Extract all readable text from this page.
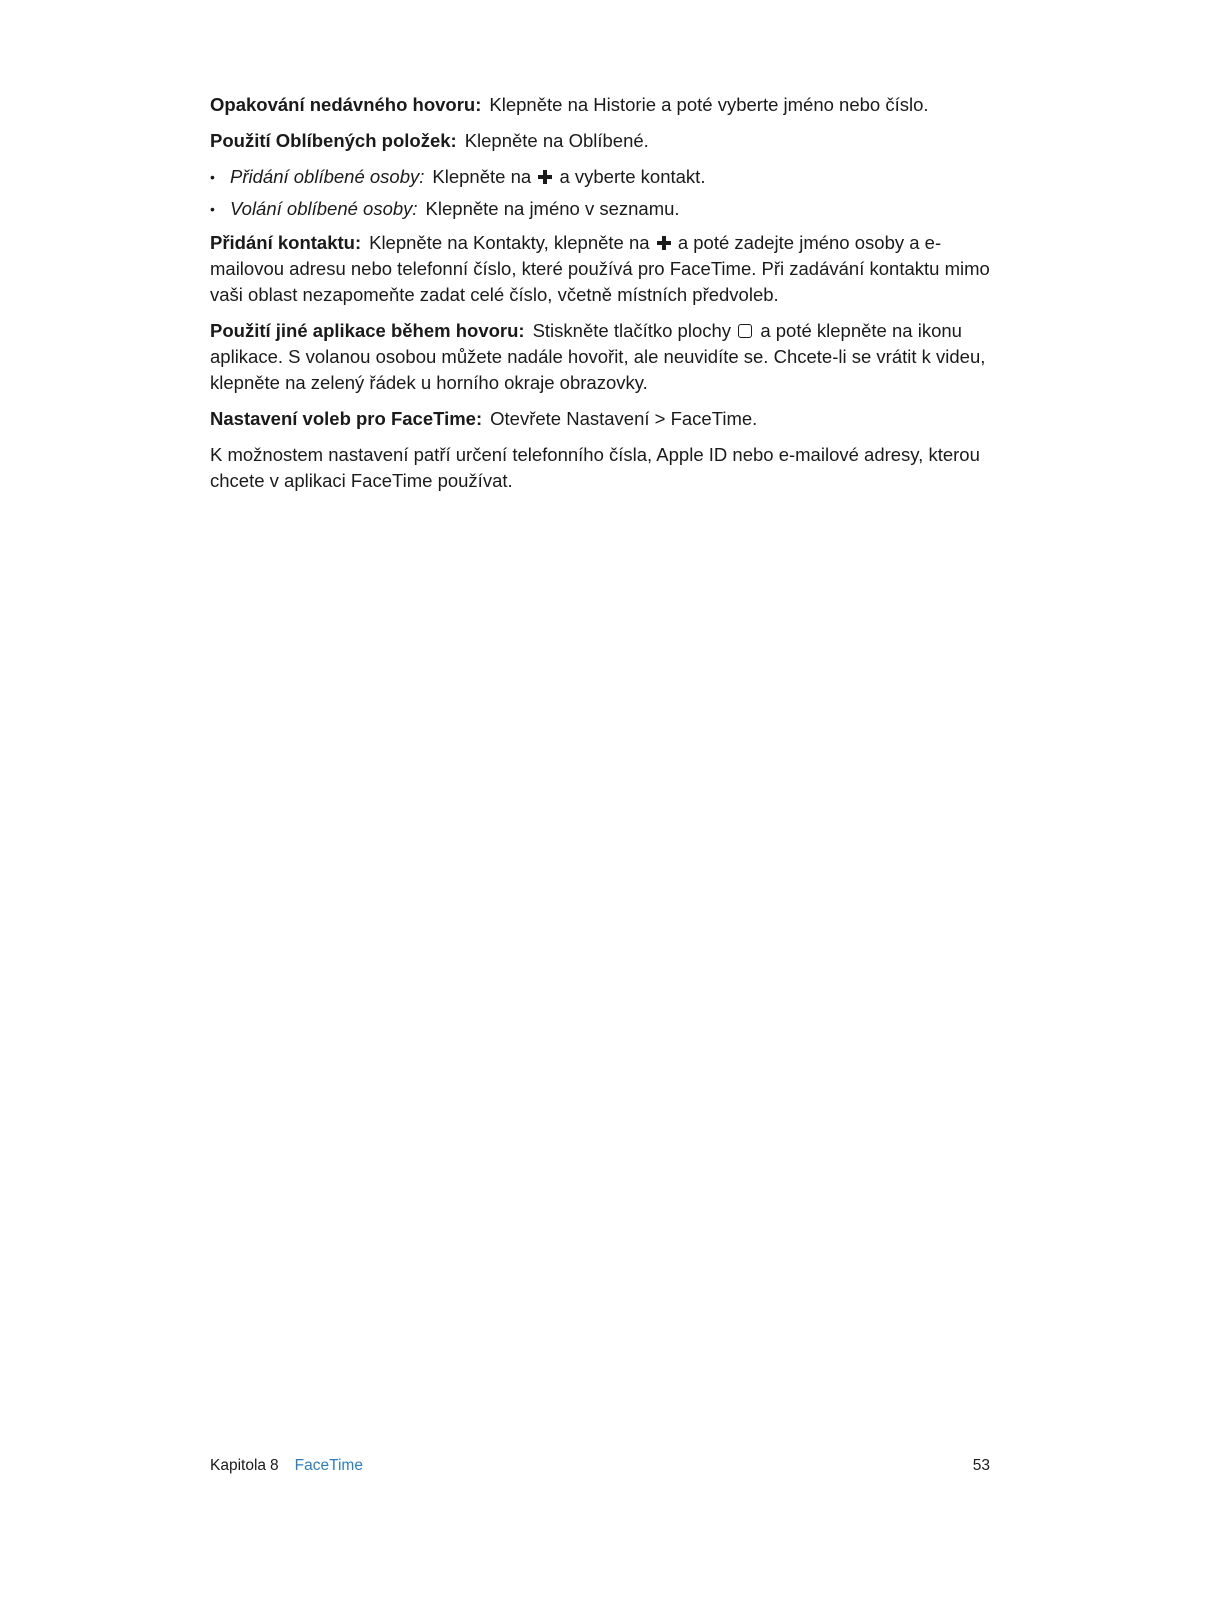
Opakování nedávného hovoru: Klepněte na Historie a poté vyberte jméno nebo číslo.

Použití Oblíbených položek: Klepněte na Oblíbené.

• Přidání oblíbené osoby: Klepněte na a vyberte kontakt.
• Volání oblíbené osoby: Klepněte na jméno v seznamu.

Přidání kontaktu: Klepněte na Kontakty, klepněte na a poté zadejte jméno osoby a e-mailovou adresu nebo telefonní číslo, které používá pro FaceTime. Při zadávání kontaktu mimo vaši oblast nezapomeňte zadat celé číslo, včetně místních předvoleb.

Použití jiné aplikace během hovoru: Stiskněte tlačítko plochy a poté klepněte na ikonu aplikace. S volanou osobou můžete nadále hovořit, ale neuvidíte se. Chcete-li se vrátit k videu, klepněte na zelený řádek u horního okraje obrazovky.

Nastavení voleb pro FaceTime: Otevřete Nastavení > FaceTime.

K možnostem nastavení patří určení telefonního čísla, Apple ID nebo e-mailové adresy, kterou chcete v aplikaci FaceTime používat.

Kapitola 8 FaceTime	53
